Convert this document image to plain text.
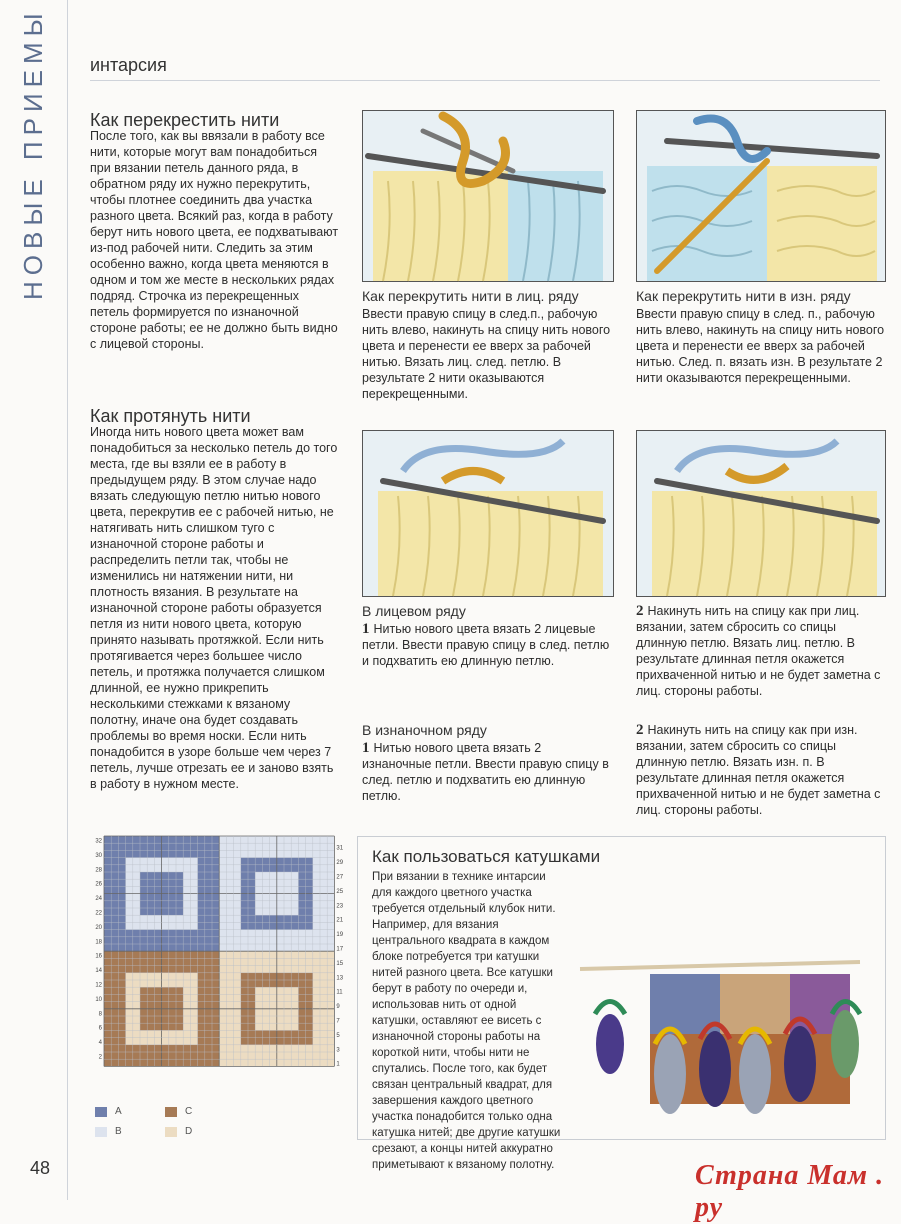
НОВЫЕ ПРИЕМЫ
48
интарсия
Как перекрестить нити

После того, как вы ввязали в работу все нити, которые могут вам понадобиться при вязании петель данного ряда, в обратном ряду их нужно перекрутить, чтобы плотнее соединить два участка разного цвета. Всякий раз, когда в работу берут нить нового цвета, ее подхватывают из-под рабочей нити. Следить за этим особенно важно, когда цвета меняются в одном и том же месте в нескольких рядах подряд. Строчка из перекрещенных петель формируется по изнаночной стороне работы; ее не должно быть видно с лицевой стороны.

Как протянуть нити

Иногда нить нового цвета может вам понадобиться за несколько петель до того места, где вы взяли ее в работу в предыдущем ряду. В этом случае надо вязать следующую петлю нитью нового цвета, перекрутив ее с рабочей нитью, не натягивать нить слишком туго с изнаночной стороне работы и распределить петли так, чтобы не изменились ни натяжении нити, ни плотность вязания. В результате на изнаночной стороне работы образуется петля из нити нового цвета, которую принято называть протяжкой. Если нить протягивается через большее число петель, и протяжка получается слишком длинной, ее нужно прикрепить несколькими стежками к вязаному полотну, иначе она будет создавать проблемы во время носки. Если нить понадобится в узоре больше чем через 7 петель, лучше отрезать ее и заново взять в работу в нужном месте.

Как перекрутить нити в лиц. ряду

Ввести правую спицу в след.п., рабочую нить влево, накинуть на спицу нить нового цвета и перенести ее вверх за рабочей нитью. Вязать лиц. след. петлю. В результате 2 нити оказываются перекрещенными.

Как перекрутить нити в изн. ряду

Ввести правую спицу в след. п., рабочую нить влево, накинуть на спицу нить нового цвета и перенести ее вверх за рабочей нитью. След. п. вязать изн. В результате 2 нити оказываются перекрещенными.

В лицевом ряду

1 Нитью нового цвета вязать 2 лицевые петли. Ввести правую спицу в след. петлю и подхватить ею длинную петлю.

2 Накинуть нить на спицу как при лиц. вязании, затем сбросить со спицы длинную петлю. Вязать лиц. петлю. В результате длинная петля окажется прихваченной нитью и не будет заметна с лиц. стороны работы.

В изнаночном ряду

1 Нитью нового цвета вязать 2 изнаночные петли. Ввести правую спицу в след. петлю и подхватить ею длинную петлю.

2 Накинуть нить на спицу как при изн. вязании, затем сбросить со спицы длинную петлю. Вязать изн. п. В результате длинная петля окажется прихваченной нитью и не будет заметна с лиц. стороны работы.

32
30
28
26
24
22
20
18
16
14
12
10
8
6
4
2
31
29
27
25
23
21
19
17
15
13
11
9
7
5
3
1
A
B
C
D
Как пользоваться катушками

При вязании в технике интарсии для каждого цветного участка требуется отдельный клубок нити. Например, для вязания центрального квадрата в каждом блоке потребуется три катушки нитей разного цвета. Все катушки берут в работу по очереди и, использовав нить от одной катушки, оставляют ее висеть с изнаночной стороны работы на короткой нити, чтобы нити не спутались. После того, как будет связан центральный квадрат, для завершения каждого цветного участка понадобится только одна катушка нитей; две другие катушки срезают, а концы нитей аккуратно приметывают к вязаному полотну.	Страна Мам . ру
